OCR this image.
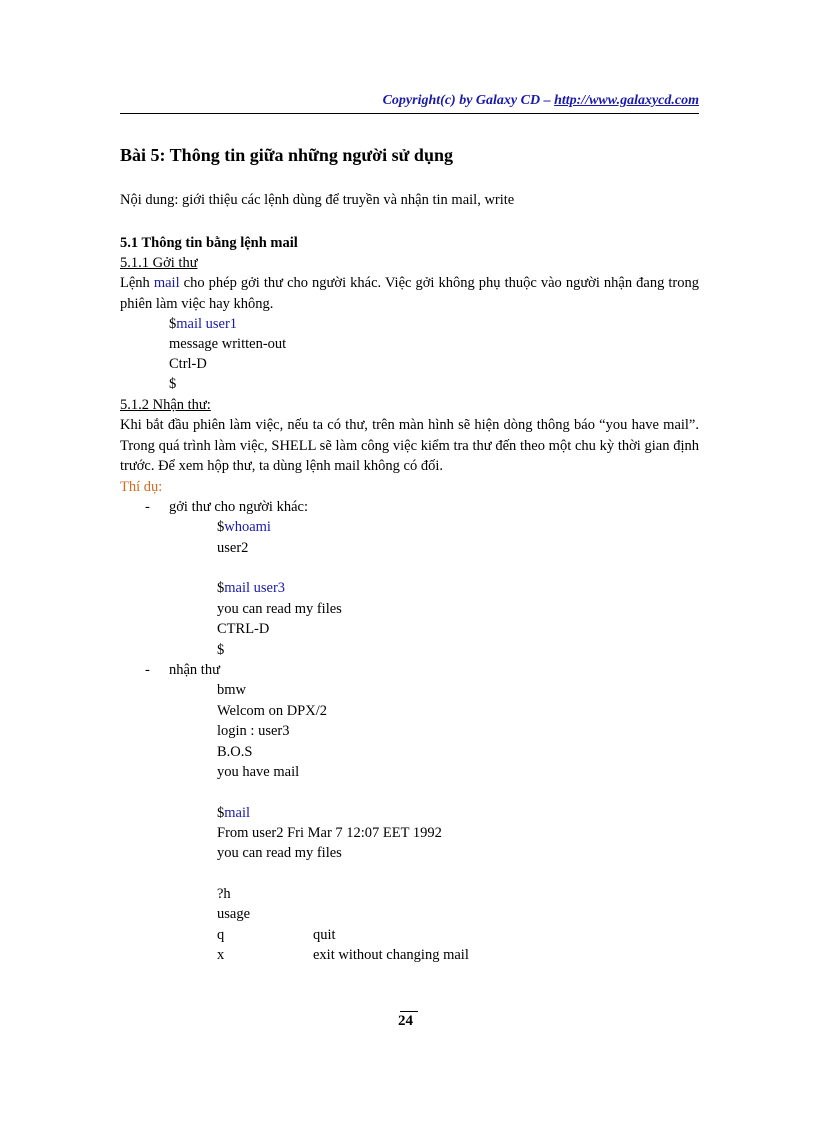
Copyright(c) by Galaxy CD – http://www.galaxycd.com
Bài 5: Thông tin giữa những người sử dụng
Nội dung: giới thiệu các lệnh dùng để truyền và nhận tin mail, write
5.1 Thông tin bằng lệnh mail
5.1.1 Gởi thư
Lệnh mail cho phép gởi thư cho người khác. Việc gởi không phụ thuộc vào người nhận đang trong phiên làm việc hay không.
$mail user1
message written-out
Ctrl-D
$
5.1.2 Nhận thư:
Khi bắt đầu phiên làm việc, nếu ta có thư, trên màn hình sẽ hiện dòng thông báo “you have mail”. Trong quá trình làm việc, SHELL sẽ làm công việc kiểm tra thư đến theo một chu kỳ thời gian định trước. Để xem hộp thư, ta dùng lệnh mail không có đối.
Thí dụ:
- gởi thư cho người khác:
$whoami
user2
$mail user3
you can read my files
CTRL-D
$
- nhận thư
bmw
Welcom on DPX/2
login : user3
B.O.S
you have mail
$mail
From user2 Fri Mar 7 12:07 EET 1992
you can read my files
?h
usage
q	quit
x	exit without changing mail
24
